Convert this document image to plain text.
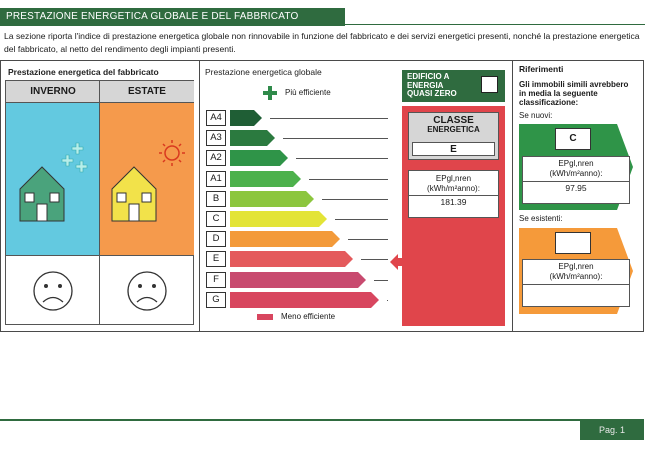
PRESTAZIONE ENERGETICA GLOBALE E DEL FABBRICATO
La sezione riporta l'indice di prestazione energetica globale non rinnovabile in funzione del fabbricato e dei servizi energetici presenti, nonché la prestazione energetica del fabbricato, al netto del rendimento degli impianti presenti.
Prestazione energetica del fabbricato
INVERNO	ESTATE
Prestazione energetica globale
Più efficiente
A4
A3
A2
A1
B
C
D
E
F
G
Meno efficiente
EDIFICIO A
ENERGIA
QUASI ZERO
CLASSE
ENERGETICA
E
EPgl,nren
(kWh/m²anno):
181.39
Riferimenti
Gli immobili simili avrebbero in media la seguente classificazione:
Se nuovi:
C
EPgl,nren
(kWh/m²anno):
97.95
Se esistenti:
EPgl,nren
(kWh/m²anno):
Pag. 1
